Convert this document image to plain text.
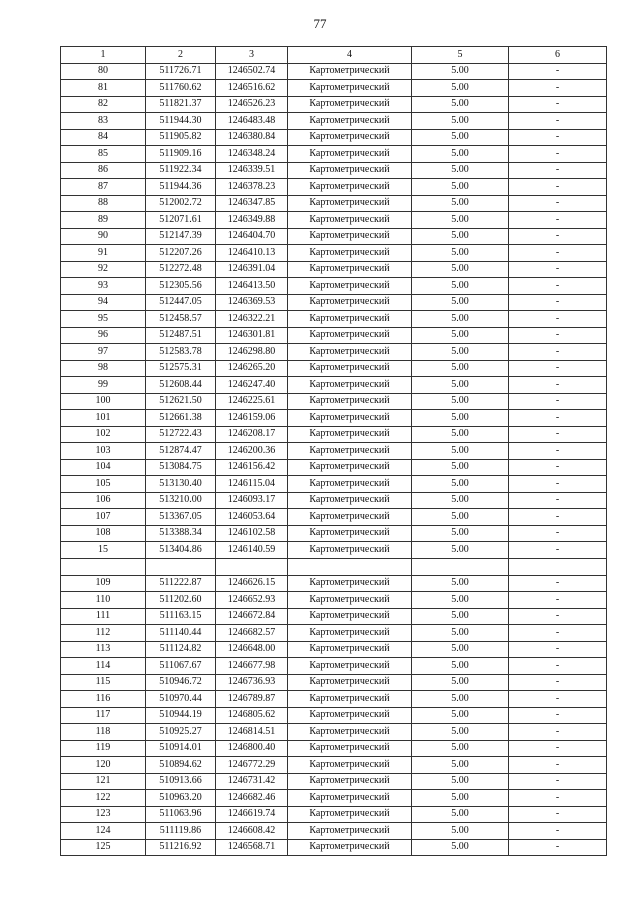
77
1	2	3	4	5	6
80	511726.71	1246502.74	Картометрический	5.00	-
81	511760.62	1246516.62	Картометрический	5.00	-
82	511821.37	1246526.23	Картометрический	5.00	-
83	511944.30	1246483.48	Картометрический	5.00	-
84	511905.82	1246380.84	Картометрический	5.00	-
85	511909.16	1246348.24	Картометрический	5.00	-
86	511922.34	1246339.51	Картометрический	5.00	-
87	511944.36	1246378.23	Картометрический	5.00	-
88	512002.72	1246347.85	Картометрический	5.00	-
89	512071.61	1246349.88	Картометрический	5.00	-
90	512147.39	1246404.70	Картометрический	5.00	-
91	512207.26	1246410.13	Картометрический	5.00	-
92	512272.48	1246391.04	Картометрический	5.00	-
93	512305.56	1246413.50	Картометрический	5.00	-
94	512447.05	1246369.53	Картометрический	5.00	-
95	512458.57	1246322.21	Картометрический	5.00	-
96	512487.51	1246301.81	Картометрический	5.00	-
97	512583.78	1246298.80	Картометрический	5.00	-
98	512575.31	1246265.20	Картометрический	5.00	-
99	512608.44	1246247.40	Картометрический	5.00	-
100	512621.50	1246225.61	Картометрический	5.00	-
101	512661.38	1246159.06	Картометрический	5.00	-
102	512722.43	1246208.17	Картометрический	5.00	-
103	512874.47	1246200.36	Картометрический	5.00	-
104	513084.75	1246156.42	Картометрический	5.00	-
105	513130.40	1246115.04	Картометрический	5.00	-
106	513210.00	1246093.17	Картометрический	5.00	-
107	513367.05	1246053.64	Картометрический	5.00	-
108	513388.34	1246102.58	Картометрический	5.00	-
15	513404.86	1246140.59	Картометрический	5.00	-

109	511222.87	1246626.15	Картометрический	5.00	-
110	511202.60	1246652.93	Картометрический	5.00	-
111	511163.15	1246672.84	Картометрический	5.00	-
112	511140.44	1246682.57	Картометрический	5.00	-
113	511124.82	1246648.00	Картометрический	5.00	-
114	511067.67	1246677.98	Картометрический	5.00	-
115	510946.72	1246736.93	Картометрический	5.00	-
116	510970.44	1246789.87	Картометрический	5.00	-
117	510944.19	1246805.62	Картометрический	5.00	-
118	510925.27	1246814.51	Картометрический	5.00	-
119	510914.01	1246800.40	Картометрический	5.00	-
120	510894.62	1246772.29	Картометрический	5.00	-
121	510913.66	1246731.42	Картометрический	5.00	-
122	510963.20	1246682.46	Картометрический	5.00	-
123	511063.96	1246619.74	Картометрический	5.00	-
124	511119.86	1246608.42	Картометрический	5.00	-
125	511216.92	1246568.71	Картометрический	5.00	-
